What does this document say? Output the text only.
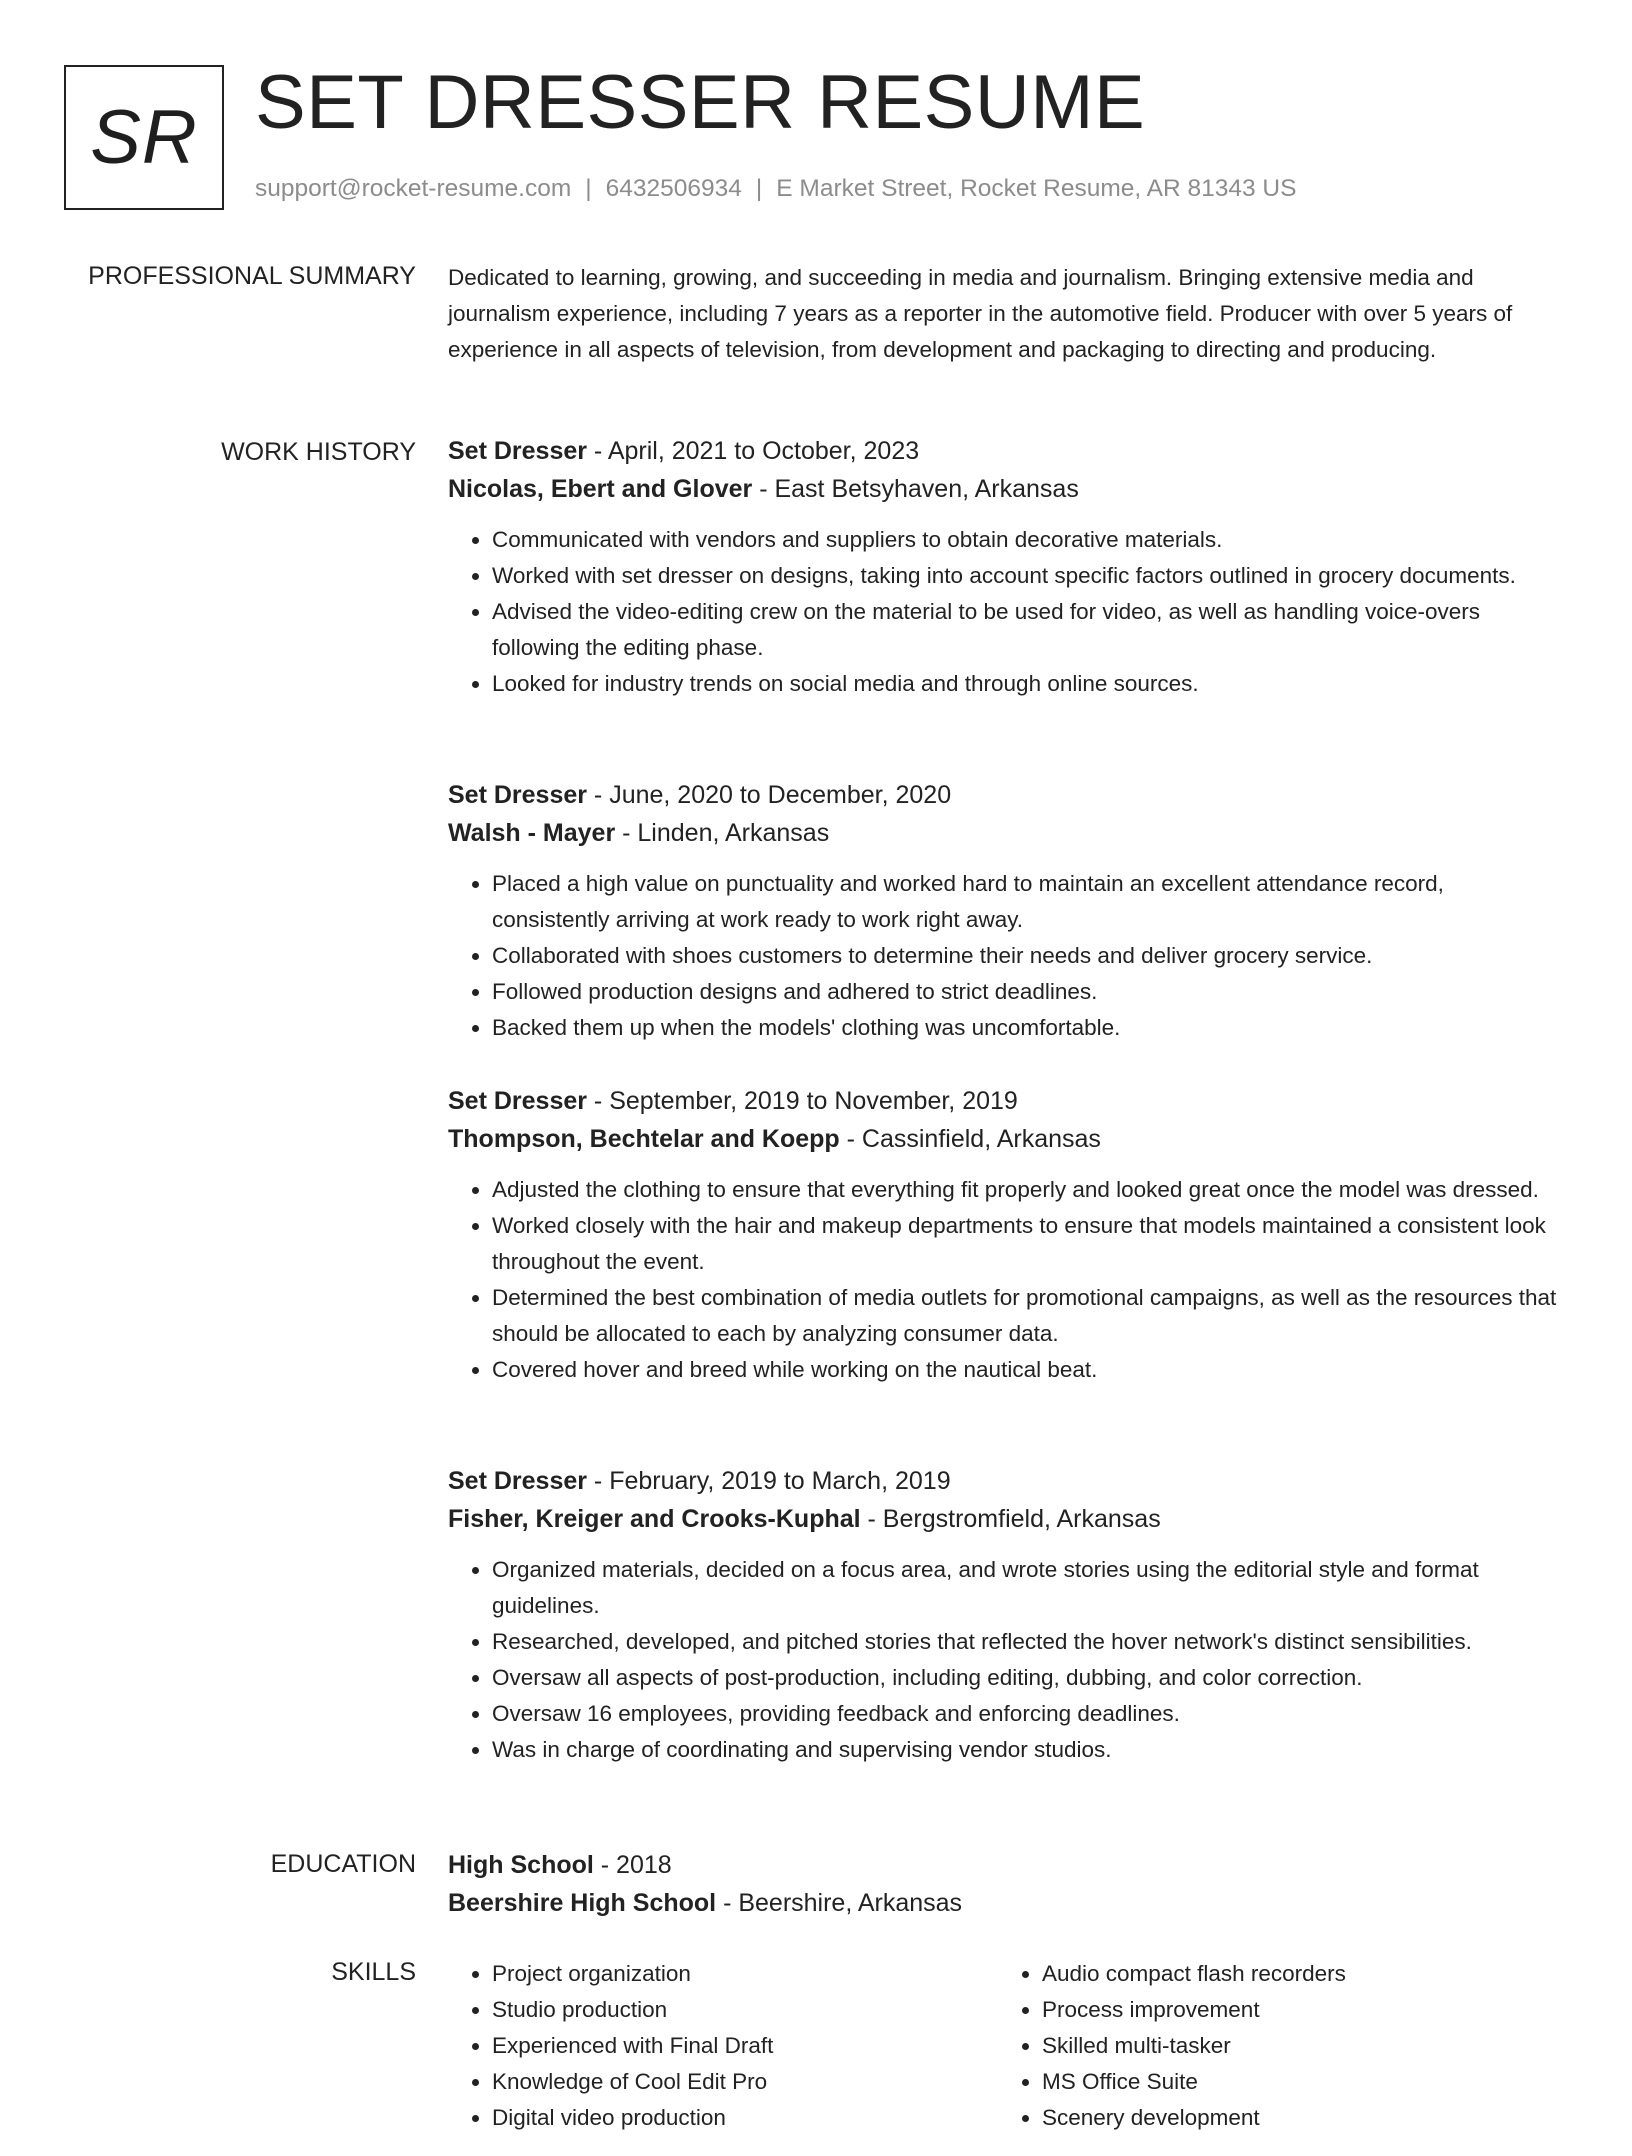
SR SET DRESSER RESUME
support@rocket-resume.com | 6432506934 | E Market Street, Rocket Resume, AR 81343 US
PROFESSIONAL SUMMARY Dedicated to learning, growing, and succeeding in media and journalism. Bringing extensive media and journalism experience, including 7 years as a reporter in the automotive field. Producer with over 5 years of experience in all aspects of television, from development and packaging to directing and producing.
WORK HISTORY Set Dresser - April, 2021 to October, 2023
Nicolas, Ebert and Glover - East Betsyhaven, Arkansas
• Communicated with vendors and suppliers to obtain decorative materials.
• Worked with set dresser on designs, taking into account specific factors outlined in grocery documents.
• Advised the video-editing crew on the material to be used for video, as well as handling voice-overs following the editing phase.
• Looked for industry trends on social media and through online sources.
Set Dresser - June, 2020 to December, 2020
Walsh - Mayer - Linden, Arkansas
• Placed a high value on punctuality and worked hard to maintain an excellent attendance record, consistently arriving at work ready to work right away.
• Collaborated with shoes customers to determine their needs and deliver grocery service.
• Followed production designs and adhered to strict deadlines.
• Backed them up when the models' clothing was uncomfortable.
Set Dresser - September, 2019 to November, 2019
Thompson, Bechtelar and Koepp - Cassinfield, Arkansas
• Adjusted the clothing to ensure that everything fit properly and looked great once the model was dressed.
• Worked closely with the hair and makeup departments to ensure that models maintained a consistent look throughout the event.
• Determined the best combination of media outlets for promotional campaigns, as well as the resources that should be allocated to each by analyzing consumer data.
• Covered hover and breed while working on the nautical beat.
Set Dresser - February, 2019 to March, 2019
Fisher, Kreiger and Crooks-Kuphal - Bergstromfield, Arkansas
• Organized materials, decided on a focus area, and wrote stories using the editorial style and format guidelines.
• Researched, developed, and pitched stories that reflected the hover network's distinct sensibilities.
• Oversaw all aspects of post-production, including editing, dubbing, and color correction.
• Oversaw 16 employees, providing feedback and enforcing deadlines.
• Was in charge of coordinating and supervising vendor studios.
EDUCATION High School - 2018
Beershire High School - Beershire, Arkansas
SKILLS
•	Project organization
• Studio production
• Experienced with Final Draft
• Knowledge of Cool Edit Pro
• Digital video production
• Audio compact flash recorders
• Process improvement
• Skilled multi-tasker
• MS Office Suite
• Scenery development
